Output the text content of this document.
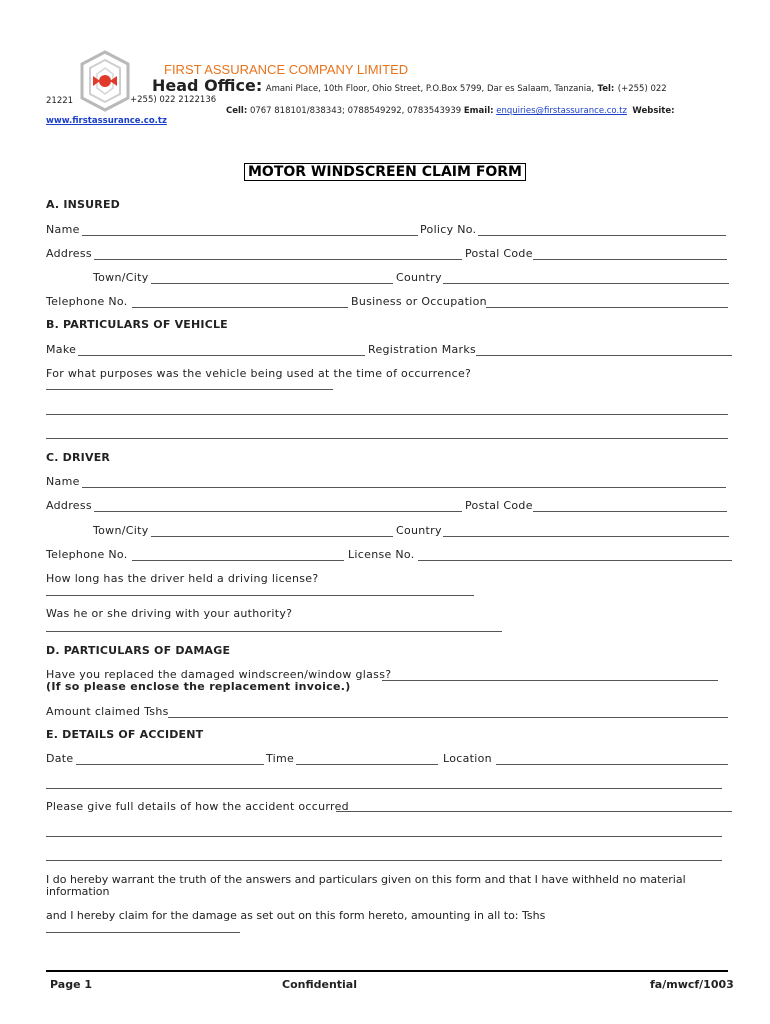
FIRST ASSURANCE COMPANY LIMITED
Head Office: Amani Place, 10th Floor, Ohio Street, P.O.Box 5799, Dar es Salaam, Tanzania, Tel: (+255) 022
21221	+255) 022 2122136
Cell: 0767 818101/838343; 0788549292, 0783543939 Email: enquiries@firstassurance.co.tz Website:
www.firstassurance.co.tz
MOTOR WINDSCREEN CLAIM FORM
A. INSURED
Name	Policy No.
Address	Postal Code
Town/City	Country
Telephone No.	Business or Occupation
B. PARTICULARS OF VEHICLE
Make	Registration Marks
For what purposes was the vehicle being used at the time of occurrence?
C. DRIVER
Name
Address	Postal Code
Town/City	Country
Telephone No.	License No.
How long has the driver held a driving license?
Was he or she driving with your authority?
D. PARTICULARS OF DAMAGE
Have you replaced the damaged windscreen/window glass?
(If so please enclose the replacement invoice.)
Amount claimed Tshs
E. DETAILS OF ACCIDENT
Date	Time	Location
Please give full details of how the accident occurred
I do hereby warrant the truth of the answers and particulars given on this form and that I have withheld no material
information
and I hereby claim for the damage as set out on this form hereto, amounting in all to: Tshs
Page 1	Confidential	fa/mwcf/1003
